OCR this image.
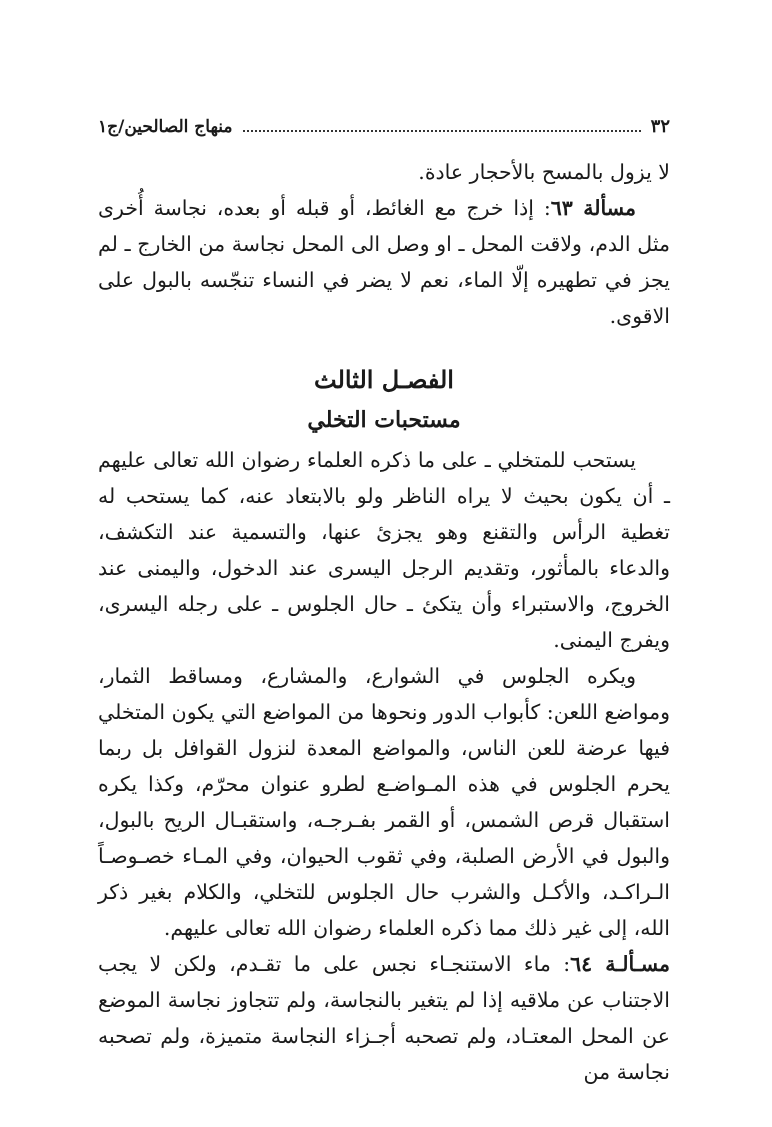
٣٢
منهاج الصالحين/ج١

لا يزول بالمسح بالأحجار عادة.

مسألة ٦٣: إذا خرج مع الغائط، أو قبله أو بعده، نجاسة أُخرى مثل الدم، ولاقت المحل ـ او وصل الى المحل نجاسة من الخارج ـ لم يجز في تطهيره إلّا الماء، نعم لا يضر في النساء تنجّسه بالبول على الاقوى.

الفصـل الثالث
مستحبات التخلي

يستحب للمتخلي ـ على ما ذكره العلماء رضوان الله تعالى عليهم ـ أن يكون بحيث لا يراه الناظر ولو بالابتعاد عنه، كما يستحب له تغطية الرأس والتقنع وهو يجزئ عنها، والتسمية عند التكشف، والدعاء بالمأثور، وتقديم الرجل اليسرى عند الدخول، واليمنى عند الخروج، والاستبراء وأن يتكئ ـ حال الجلوس ـ على رجله اليسرى، ويفرج اليمنى.

ويكره الجلوس في الشوارع، والمشارع، ومساقط الثمار، ومواضع اللعن: كأبواب الدور ونحوها من المواضع التي يكون المتخلي فيها عرضة للعن الناس، والمواضع المعدة لنزول القوافل بل ربما يحرم الجلوس في هذه المـواضـع لطرو عنوان محرّم، وكذا يكره استقبال قرص الشمس، أو القمر بفـرجـه، واستقبـال الريح بالبول، والبول في الأرض الصلبة، وفي ثقوب الحيوان، وفي المـاء خصـوصـاً الـراكـد، والأكـل والشرب حال الجلوس للتخلي، والكلام بغير ذكر الله، إلى غير ذلك مما ذكره العلماء رضوان الله تعالى عليهم.

مسـألـة ٦٤: ماء الاستنجـاء نجس على ما تقـدم، ولكن لا يجب الاجتناب عن ملاقيه إذا لم يتغير بالنجاسة، ولم تتجاوز نجاسة الموضع عن المحل المعتـاد، ولم تصحبه أجـزاء النجاسة متميزة، ولم تصحبه نجاسة من
